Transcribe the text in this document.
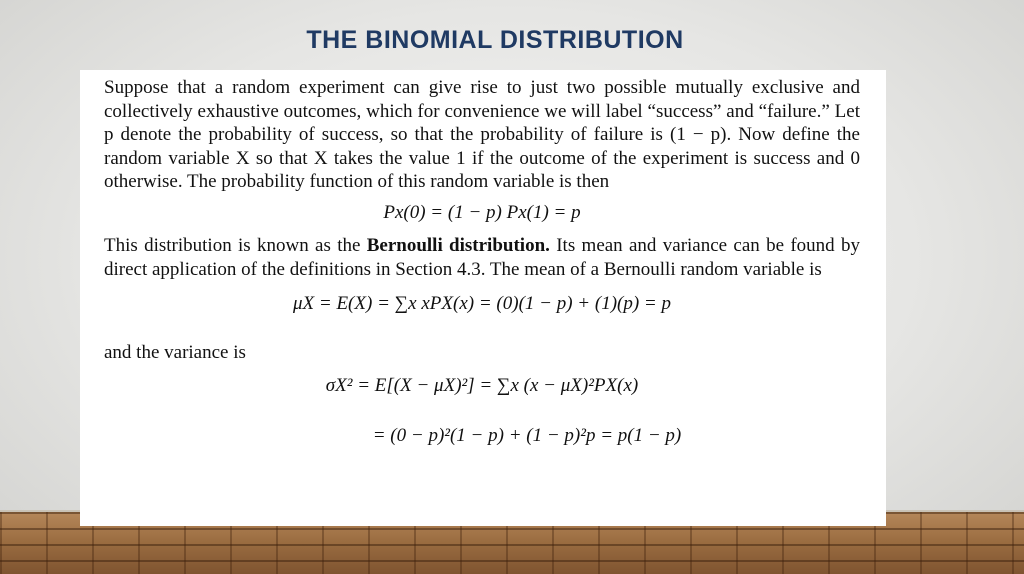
THE BINOMIAL DISTRIBUTION

Suppose that a random experiment can give rise to just two possible mutually exclusive and collectively exhaustive outcomes, which for convenience we will label “success” and “failure.” Let p denote the probability of success, so that the probability of failure is (1 − p). Now define the random variable X so that X takes the value 1 if the outcome of the experiment is success and 0 otherwise. The probability function of this random variable is then

Px(0) = (1 − p) Px(1) = p

This distribution is known as the Bernoulli distribution. Its mean and variance can be found by direct application of the definitions in Section 4.3. The mean of a Bernoulli random variable is

μX = E(X) = ∑x xPX(x) = (0)(1 − p) + (1)(p) = p

and the variance is

σX² = E[(X − μX)²] = ∑x (x − μX)²PX(x)

= (0 − p)²(1 − p) + (1 − p)²p = p(1 − p)
